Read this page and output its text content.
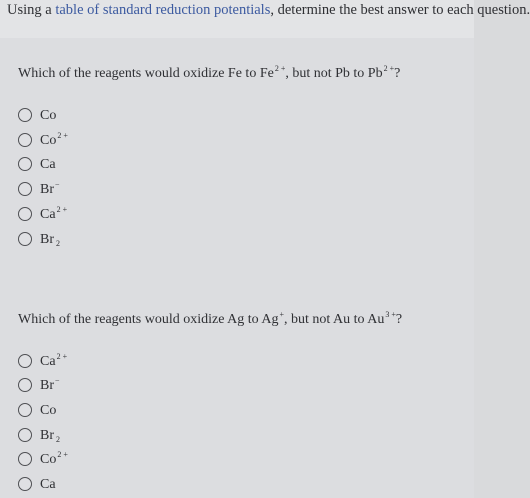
Using a table of standard reduction potentials, determine the best answer to each question.
Which of the reagents would oxidize Fe to $Fe^{2 +}$, but not Pb to $Pb^{2 +}$?
Co
$Co^{2 +}$
Ca
Br−
$Ca^{2 +}$
Br $_2$
Which of the reagents would oxidize Ag to Ag+, but not Au to $Au^{3 +}$?
$Ca^{2 +}$
Br−
Co
Br $_2$
$Co^{2 +}$
Ca
